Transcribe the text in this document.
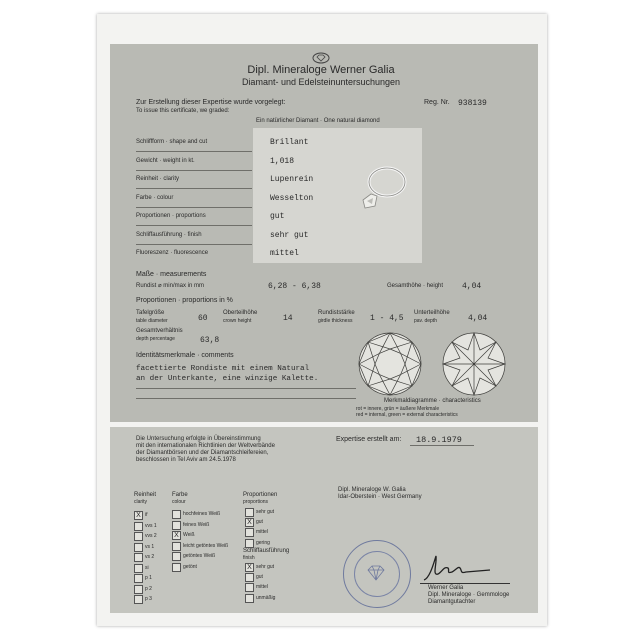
Dipl. Mineraloge Werner Galia
Diamant- und Edelsteinuntersuchungen
Zur Erstellung dieser Expertise wurde vorgelegt:
To issue this certificate, we graded:
Reg. Nr. 938139
Ein natürlicher Diamant · One natural diamond
Schliffform · shape and cut	Brillant
Gewicht · weight in kt.	1,018
Reinheit · clarity	Lupenrein
Farbe · colour	Wesselton
Proportionen · proportions	gut
Schliffausführung · finish	sehr gut
Fluoreszenz · fluorescence	mittel
Maße · measurements
Rundist ⌀ min/max in mm	6,28 - 6,38	Gesamthöhe · height 4,04
Proportionen · proportions in %
Tafelgröße
table diameter	60
Oberteilhöhe
crown height	14
Rundiststärke
girdle thickness 1 - 4,5
Unterteilhöhe
pav. depth	4,04
Gesamtverhältnis
depth percentage	63,8
Identitätsmerkmale · comments
facettierte Rondiste mit einem Natural
an der Unterkante, eine winzige Kalette.
Merkmaldiagramme · characteristics
rot = innere, grün = äußere Merkmale
red = internal, green = external characteristics
Die Untersuchung erfolgte in Übereinstimmung
mit den internationalen Richtlinien der Weltverbände
der Diamantbörsen und der Diamantschleifereien,
beschlossen in Tel Aviv am 24.5.1978
Expertise erstellt am: 18.9.1979
Dipl. Mineraloge W. Galia
Idar-Oberstein · West Germany
Reinheit
clarity
Farbe
colour
Proportionen
proportions
Schliffausführung
finish
X if
vvs 1
vvs 2
vs 1
vs 2
si
p 1
p 2
p 3
hochfeines Weiß
feines Weiß
X Weiß
leicht getöntes Weiß
getöntes Weiß
getönt
sehr gut
X gut
mittel
gering
X sehr gut
gut
mittel
unmäßig
Werner Galia
Dipl. Mineraloge · Gemmologe
Diamantgutachter
